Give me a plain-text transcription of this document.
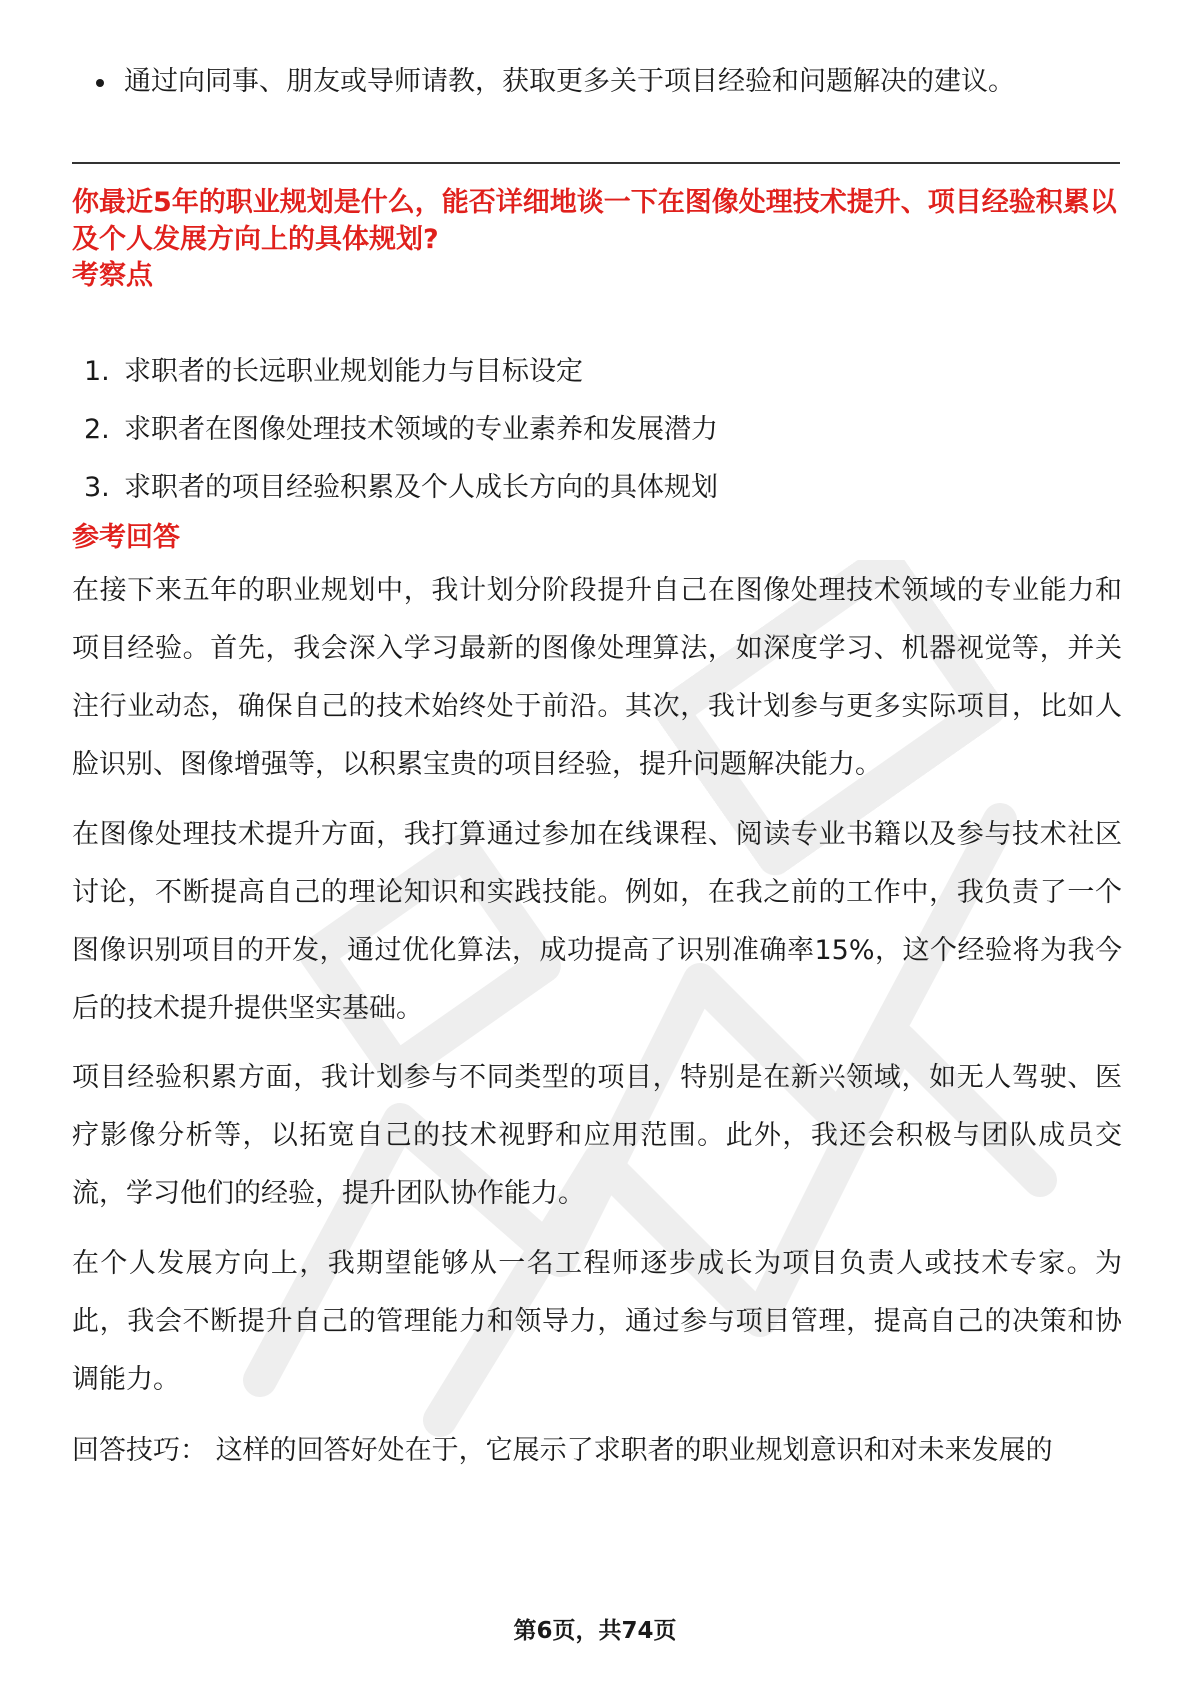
通过向同事、朋友或导师请教，获取更多关于项目经验和问题解决的建议。
你最近5年的职业规划是什么，能否详细地谈一下在图像处理技术提升、项目经验积累以及个人发展方向上的具体规划?
考察点
1. 求职者的长远职业规划能力与目标设定
2. 求职者在图像处理技术领域的专业素养和发展潜力
3. 求职者的项目经验积累及个人成长方向的具体规划
参考回答

在接下来五年的职业规划中，我计划分阶段提升自己在图像处理技术领域的专业能力和项目经验。首先，我会深入学习最新的图像处理算法，如深度学习、机器视觉等，并关注行业动态，确保自己的技术始终处于前沿。其次，我计划参与更多实际项目，比如人脸识别、图像增强等，以积累宝贵的项目经验，提升问题解决能力。

在图像处理技术提升方面，我打算通过参加在线课程、阅读专业书籍以及参与技术社区讨论，不断提高自己的理论知识和实践技能。例如，在我之前的工作中，我负责了一个图像识别项目的开发，通过优化算法，成功提高了识别准确率15%，这个经验将为我今后的技术提升提供坚实基础。

项目经验积累方面，我计划参与不同类型的项目，特别是在新兴领域，如无人驾驶、医疗影像分析等，以拓宽自己的技术视野和应用范围。此外，我还会积极与团队成员交流，学习他们的经验，提升团队协作能力。

在个人发展方向上，我期望能够从一名工程师逐步成长为项目负责人或技术专家。为此，我会不断提升自己的管理能力和领导力，通过参与项目管理，提高自己的决策和协调能力。

回答技巧： 这样的回答好处在于，它展示了求职者的职业规划意识和对未来发展的

第6页，共74页
